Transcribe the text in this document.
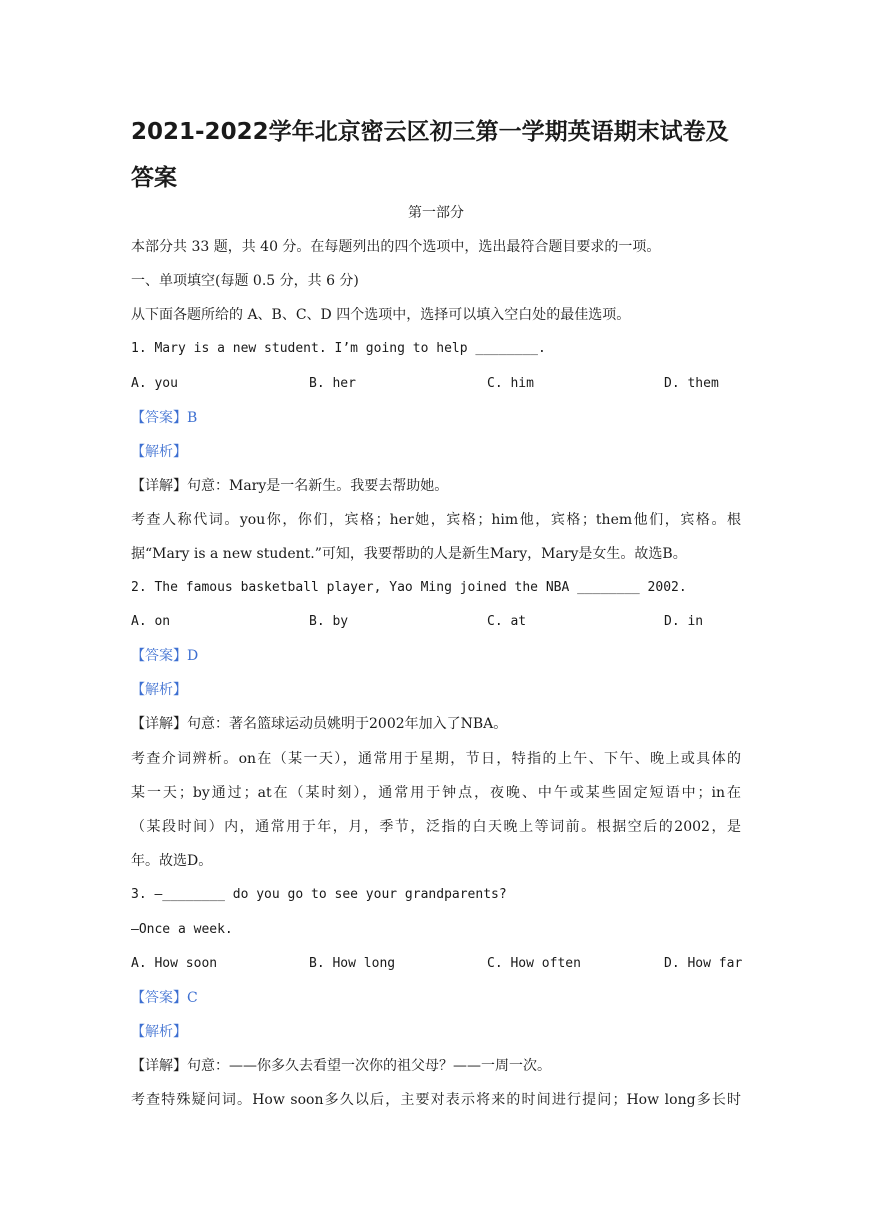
2021-2022学年北京密云区初三第一学期英语期末试卷及答案
第一部分
本部分共 33 题，共 40 分。在每题列出的四个选项中，选出最符合题目要求的一项。
一、单项填空(每题 0.5 分，共 6 分)
从下面各题所给的 A、B、C、D 四个选项中，选择可以填入空白处的最佳选项。
1. Mary is a new student. I’m going to help ________.
A. you	B. her	C. him	D. them
【答案】B
【解析】
【详解】句意：Mary是一名新生。我要去帮助她。
考查人称代词。you你，你们，宾格；her她，宾格；him他，宾格；them他们，宾格。根
据“Mary is a new student.”可知，我要帮助的人是新生Mary，Mary是女生。故选B。
2. The famous basketball player, Yao Ming joined the NBA ________ 2002.
A. on	B. by	C. at	D. in
【答案】D
【解析】
【详解】句意：著名篮球运动员姚明于2002年加入了NBA。
考查介词辨析。on在（某一天），通常用于星期，节日，特指的上午、下午、晚上或具体的
某一天；by通过；at在（某时刻），通常用于钟点，夜晚、中午或某些固定短语中；in在
（某段时间）内，通常用于年，月，季节，泛指的白天晚上等词前。根据空后的2002，是
年。故选D。
3. —________ do you go to see your grandparents?
—Once a week.
A. How soon	B. How long	C. How often	D. How far
【答案】C
【解析】
【详解】句意：——你多久去看望一次你的祖父母？——一周一次。
考查特殊疑问词。How soon多久以后，主要对表示将来的时间进行提问；How long多长时
